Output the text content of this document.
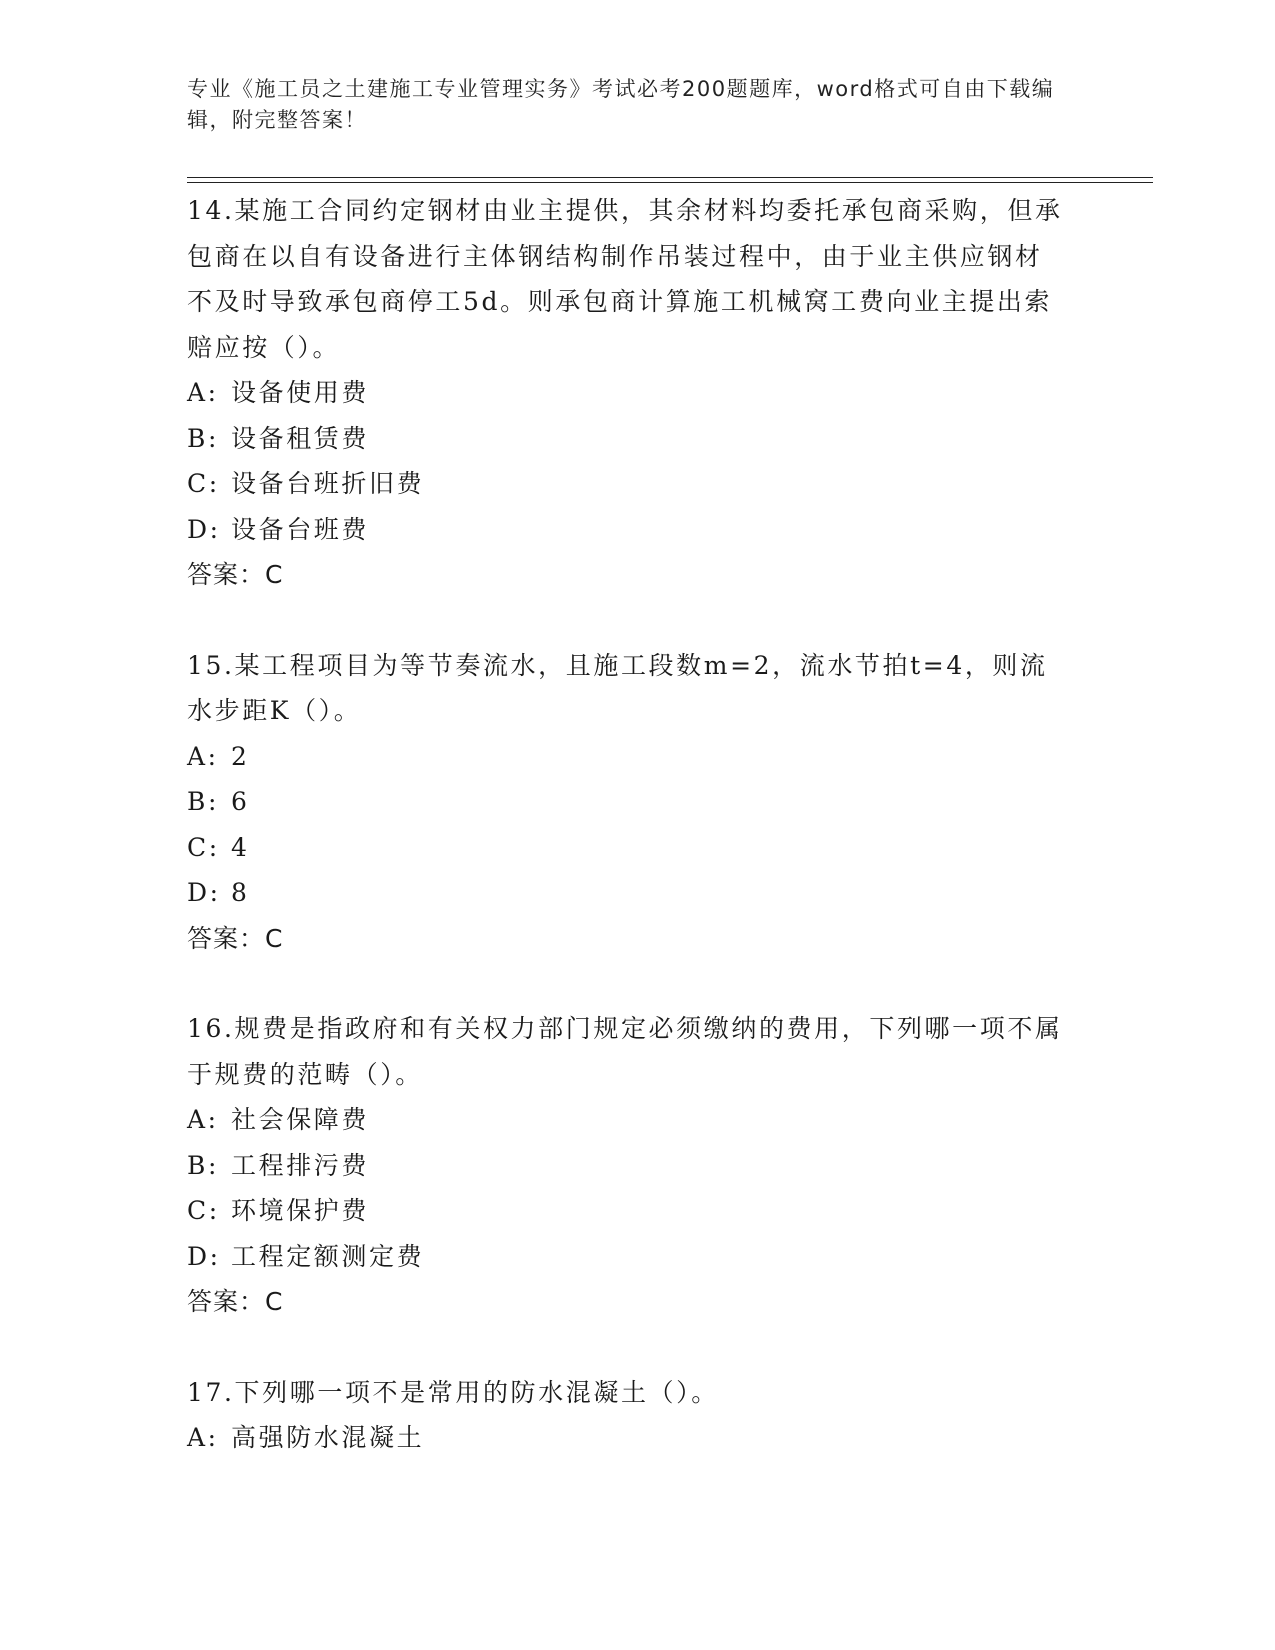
专业《施工员之土建施工专业管理实务》考试必考200题题库，word格式可自由下载编辑，附完整答案！

14.某施工合同约定钢材由业主提供，其余材料均委托承包商采购，但承包商在以自有设备进行主体钢结构制作吊装过程中，由于业主供应钢材不及时导致承包商停工5d。则承包商计算施工机械窝工费向业主提出索赔应按（）。

A: 设备使用费

B: 设备租赁费

C: 设备台班折旧费

D: 设备台班费

答案：C

15.某工程项目为等节奏流水，且施工段数m=2，流水节拍t=4，则流水步距K（）。

A: 2

B: 6

C: 4

D: 8

答案：C

16.规费是指政府和有关权力部门规定必须缴纳的费用，下列哪一项不属于规费的范畴（）。

A: 社会保障费

B: 工程排污费

C: 环境保护费

D: 工程定额测定费

答案：C

17.下列哪一项不是常用的防水混凝土（）。

A: 高强防水混凝土
